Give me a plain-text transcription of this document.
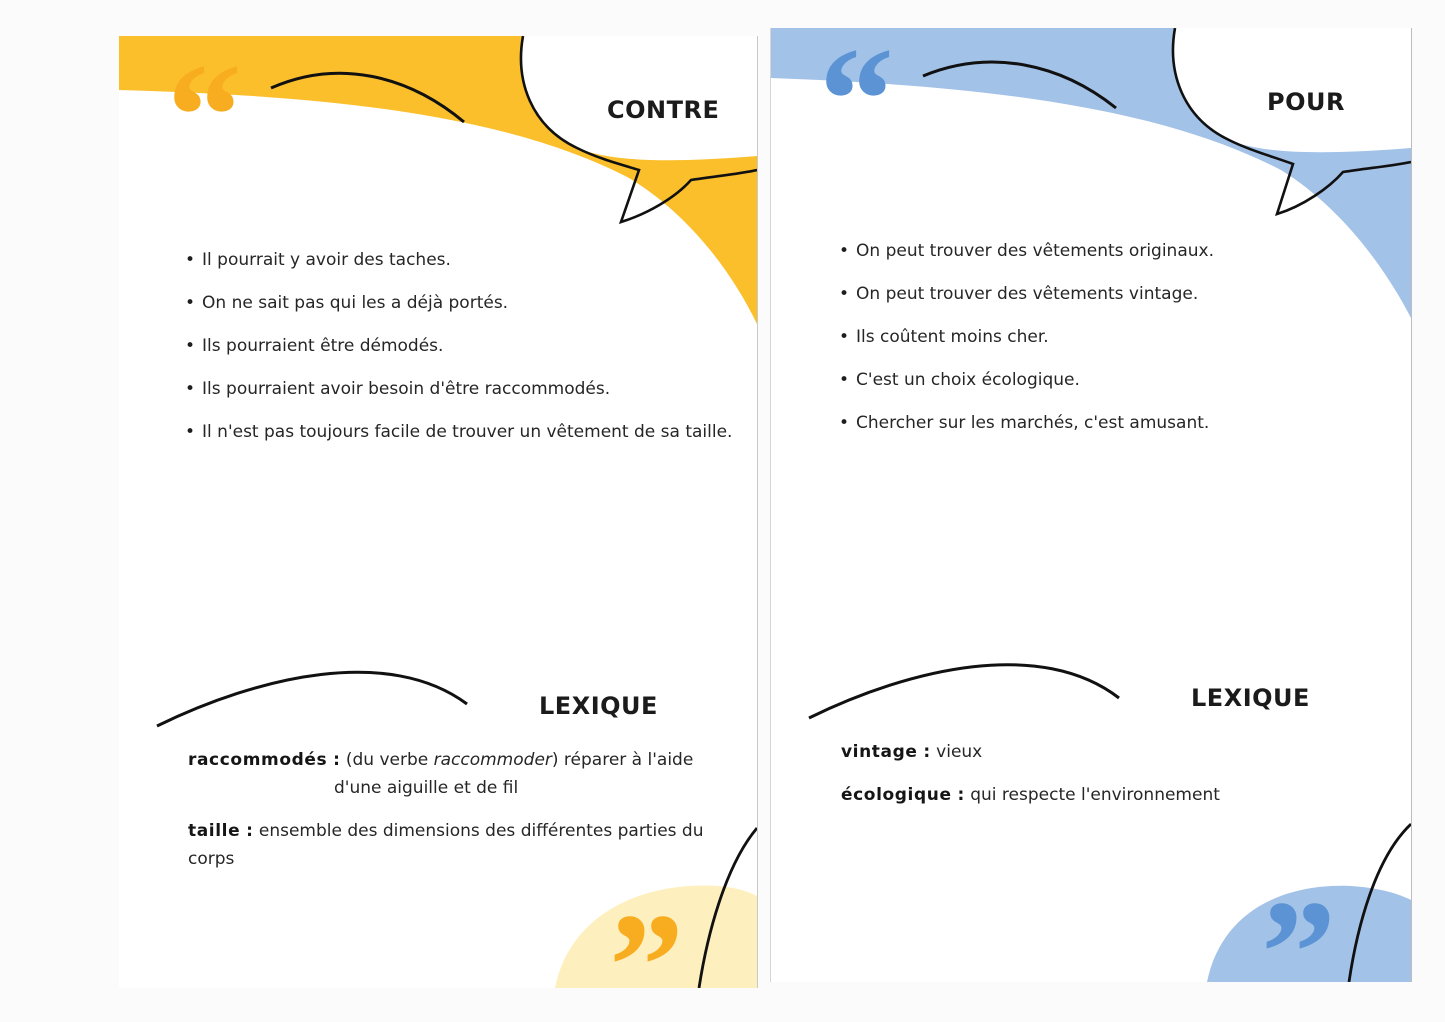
“
”
CONTRE
• Il pourrait y avoir des taches.
• On ne sait pas qui les a déjà portés.
• Ils pourraient être démodés.
• Ils pourraient avoir besoin d'être raccommodés.
• Il n'est pas toujours facile de trouver un vêtement de sa taille.
LEXIQUE

raccommodés : (du verbe raccommoder) réparer à l'aide
d'une aiguille et de fil

taille : ensemble des dimensions des différentes parties du corps

“
”
POUR
• On peut trouver des vêtements originaux.
• On peut trouver des vêtements vintage.
• Ils coûtent moins cher.
• C'est un choix écologique.
• Chercher sur les marchés, c'est amusant.
LEXIQUE

vintage : vieux

écologique : qui respecte l'environnement
